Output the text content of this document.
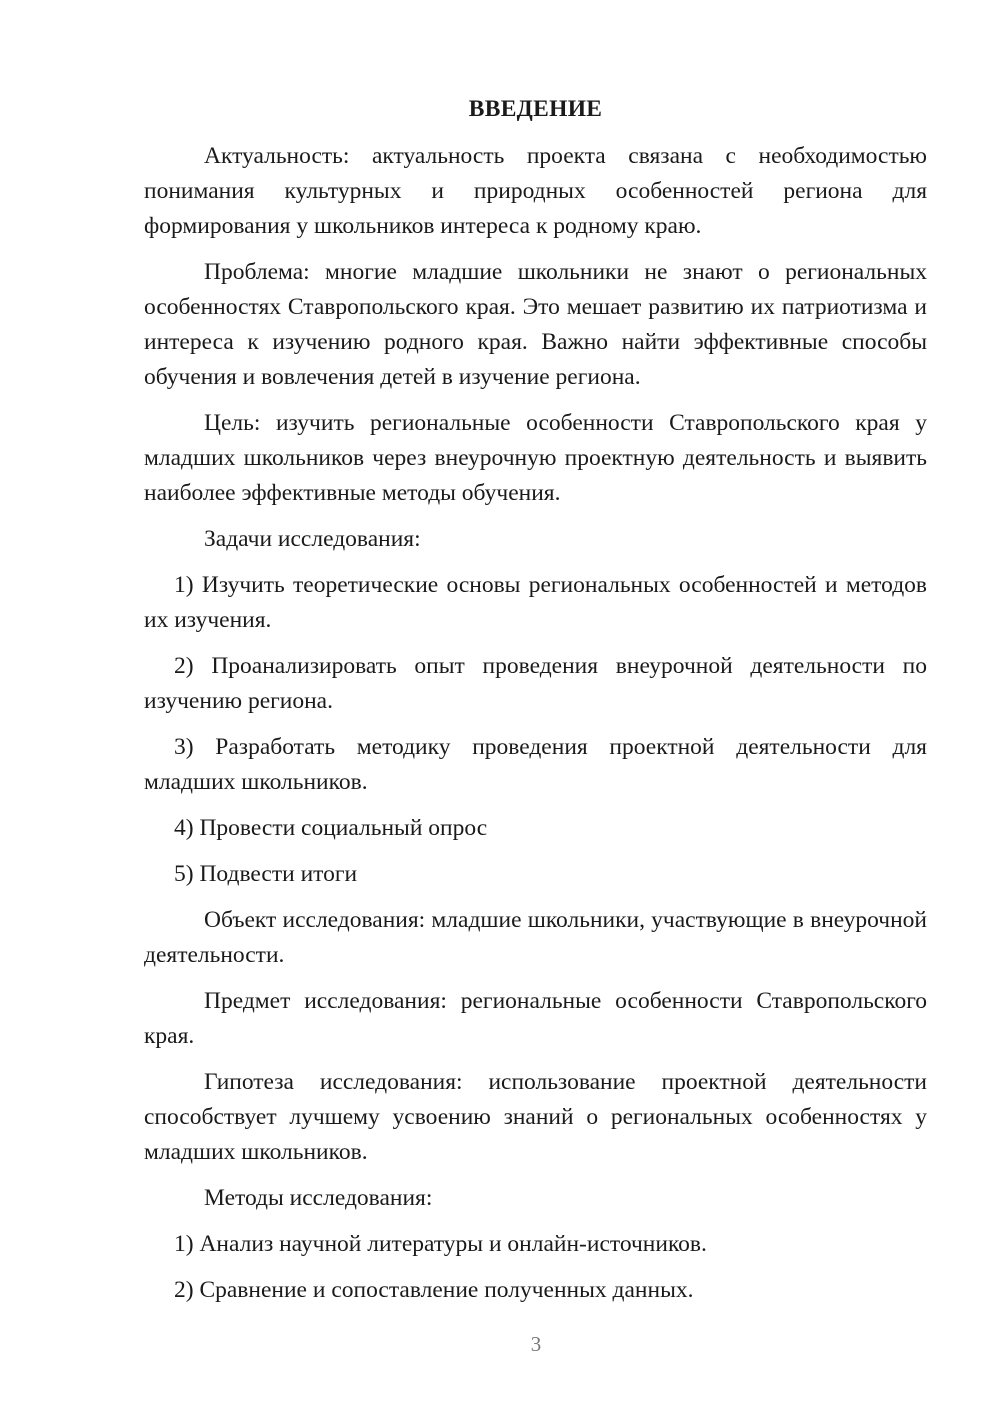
ВВЕДЕНИЕ

Актуальность: актуальность проекта связана с необходимостью понимания культурных и природных особенностей региона для формирования у школьников интереса к родному краю.

Проблема: многие младшие школьники не знают о региональных особенностях Ставропольского края. Это мешает развитию их патриотизма и интереса к изучению родного края. Важно найти эффективные способы обучения и вовлечения детей в изучение региона.

Цель: изучить региональные особенности Ставропольского края у младших школьников через внеурочную проектную деятельность и выявить наиболее эффективные методы обучения.

Задачи исследования:

1) Изучить теоретические основы региональных особенностей и методов их изучения.

2) Проанализировать опыт проведения внеурочной деятельности по изучению региона.

3) Разработать методику проведения проектной деятельности для младших школьников.

4) Провести социальный опрос

5) Подвести итоги

Объект исследования: младшие школьники, участвующие в внеурочной деятельности.

Предмет исследования: региональные особенности Ставропольского края.

Гипотеза исследования: использование проектной деятельности способствует лучшему усвоению знаний о региональных особенностях у младших школьников.

Методы исследования:

1) Анализ научной литературы и онлайн-источников.

2) Сравнение и сопоставление полученных данных.

3
